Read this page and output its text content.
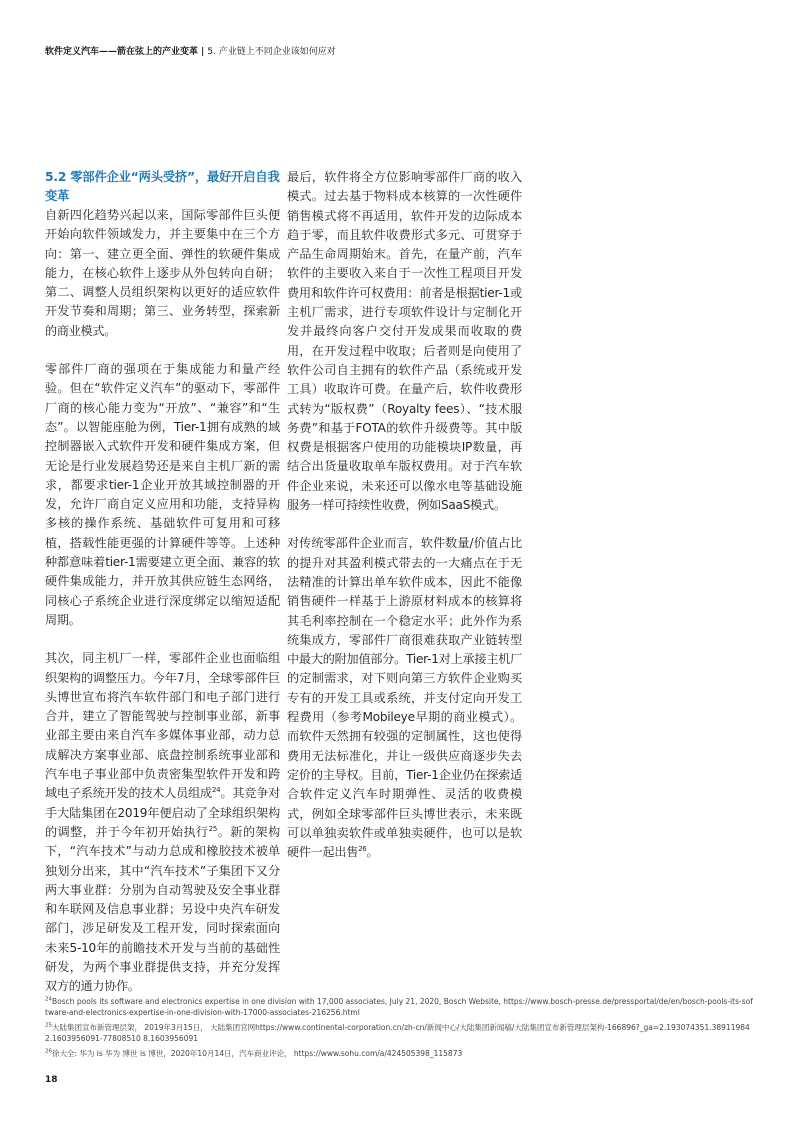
软件定义汽车——箭在弦上的产业变革 | 5. 产业链上不同企业该如何应对

5.2 零部件企业“两头受挤”，最好开启自我变革

自新四化趋势兴起以来，国际零部件巨头便开始向软件领域发力，并主要集中在三个方向：第一、建立更全面、弹性的软硬件集成能力，在核心软件上逐步从外包转向自研；第二、调整人员组织架构以更好的适应软件开发节奏和周期；第三、业务转型，探索新的商业模式。

零部件厂商的强项在于集成能力和量产经验。但在“软件定义汽车”的驱动下，零部件厂商的核心能力变为“开放”、“兼容”和“生态”。以智能座舱为例，Tier-1拥有成熟的域控制器嵌入式软件开发和硬件集成方案，但无论是行业发展趋势还是来自主机厂新的需求，都要求tier-1企业开放其域控制器的开发，允许厂商自定义应用和功能，支持异构多核的操作系统、基础软件可复用和可移植，搭载性能更强的计算硬件等等。上述种种都意味着tier-1需要建立更全面、兼容的软硬件集成能力，并开放其供应链生态网络，同核心子系统企业进行深度绑定以缩短适配周期。

其次，同主机厂一样，零部件企业也面临组织架构的调整压力。今年7月，全球零部件巨头博世宣布将汽车软件部门和电子部门进行合并，建立了智能驾驶与控制事业部，新事业部主要由来自汽车多媒体事业部，动力总成解决方案事业部、底盘控制系统事业部和汽车电子事业部中负责密集型软件开发和跨域电子系统开发的技术人员组成$^{24}$。其竞争对手大陆集团在2019年便启动了全球组织架构的调整，并于今年初开始执行$^{25}$。新的架构下，“汽车技术”与动力总成和橡胶技术被单独划分出来，其中“汽车技术”子集团下又分两大事业群：分别为自动驾驶及安全事业群和车联网及信息事业群；另设中央汽车研发部门，涉足研发及工程开发，同时探索面向未来5-10年的前瞻技术开发与当前的基础性研发，为两个事业群提供支持，并充分发挥双方的通力协作。

最后，软件将全方位影响零部件厂商的收入模式。过去基于物料成本核算的一次性硬件销售模式将不再适用，软件开发的边际成本趋于零，而且软件收费形式多元、可贯穿于产品生命周期始末。首先，在量产前，汽车软件的主要收入来自于一次性工程项目开发费用和软件许可权费用：前者是根据tier-1或主机厂需求，进行专项软件设计与定制化开发并最终向客户交付开发成果而收取的费用，在开发过程中收取；后者则是向使用了软件公司自主拥有的软件产品（系统或开发工具）收取许可费。在量产后，软件收费形式转为“版权费”（Royalty fees）、“技术服务费”和基于FOTA的软件升级费等。其中版权费是根据客户使用的功能模块IP数量，再结合出货量收取单车版权费用。对于汽车软件企业来说，未来还可以像水电等基础设施服务一样可持续性收费，例如SaaS模式。

对传统零部件企业而言，软件数量/价值占比的提升对其盈利模式带去的一大痛点在于无法精准的计算出单车软件成本，因此不能像销售硬件一样基于上游原材料成本的核算将其毛利率控制在一个稳定水平；此外作为系统集成方，零部件厂商很难获取产业链转型中最大的附加值部分。Tier-1对上承接主机厂的定制需求，对下则向第三方软件企业购买专有的开发工具或系统，并支付定向开发工程费用（参考Mobileye早期的商业模式）。而软件天然拥有较强的定制属性，这也使得费用无法标准化，并让一级供应商逐步失去定价的主导权。目前，Tier-1企业仍在探索适合软件定义汽车时期弹性、灵活的收费模式，例如全球零部件巨头博世表示，未来既可以单独卖软件或单独卖硬件，也可以是软硬件一起出售$^{26}$。

$^{24}$Bosch pools its software and electronics expertise in one division with 17,000 associates, July 21, 2020, Bosch Website, https://www.bosch-presse.de/pressportal/de/en/bosch-pools-its-software-and-electronics-expertise-in-one-division-with-17000-associates-216256.html

$^{25}$大陆集团宣布新管理层架， 2019年3月15日， 大陆集团官网https://www.continental-corporation.cn/zh-cn/新闻中心/大陆集团新闻稿/大陆集团宣布新管理层架构-166896?_ga=2.193074351.389119842.1603956091-77808510 8.1603956091

$^{26}$徐大全: 华为 is 华为 博世 is 博世，2020年10月14日，汽车商业评论， https://www.sohu.com/a/424505398_115873

18
